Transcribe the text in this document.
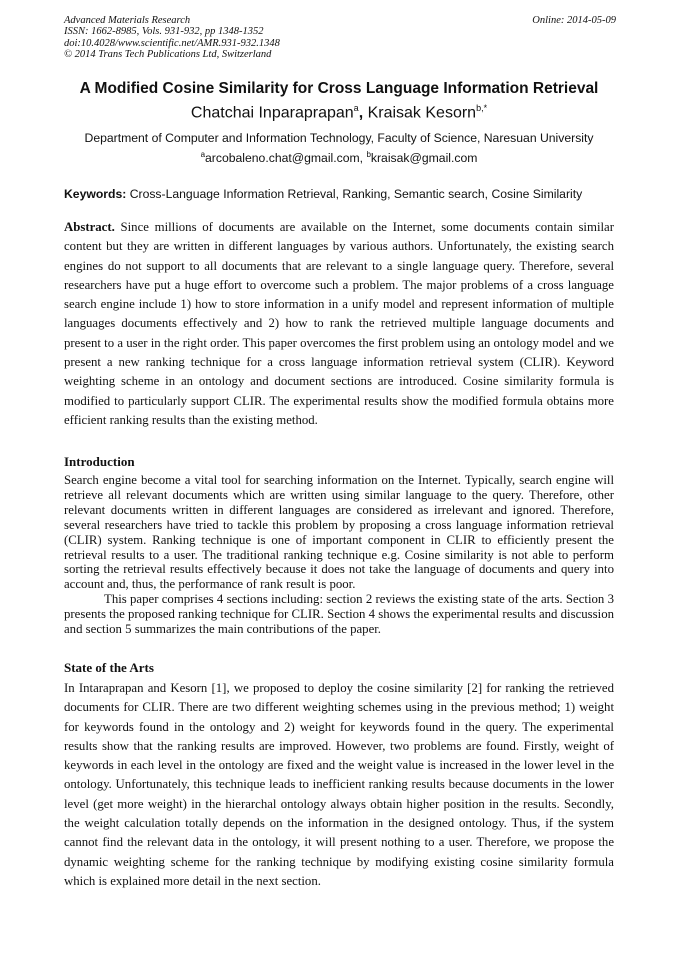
Advanced Materials Research
ISSN: 1662-8985, Vols. 931-932, pp 1348-1352
doi:10.4028/www.scientific.net/AMR.931-932.1348
© 2014 Trans Tech Publications Ltd, Switzerland
Online: 2014-05-09
A Modified Cosine Similarity for Cross Language Information Retrieval
Chatchai Inparaprapan$^a$, Kraisak Kesorn$^{b,*}$
Department of Computer and Information Technology, Faculty of Science, Naresuan University
$^a$arcobaleno.chat@gmail.com, $^b$kraisak@gmail.com
Keywords: Cross-Language Information Retrieval, Ranking, Semantic search, Cosine Similarity
Abstract. Since millions of documents are available on the Internet, some documents contain similar content but they are written in different languages by various authors. Unfortunately, the existing search engines do not support to all documents that are relevant to a single language query. Therefore, several researchers have put a huge effort to overcome such a problem. The major problems of a cross language search engine include 1) how to store information in a unify model and represent information of multiple languages documents effectively and 2) how to rank the retrieved multiple language documents and present to a user in the right order. This paper overcomes the first problem using an ontology model and we present a new ranking technique for a cross language information retrieval system (CLIR). Keyword weighting scheme in an ontology and document sections are introduced. Cosine similarity formula is modified to particularly support CLIR. The experimental results show the modified formula obtains more efficient ranking results than the existing method.
Introduction

Search engine become a vital tool for searching information on the Internet. Typically, search engine will retrieve all relevant documents which are written using similar language to the query. Therefore, other relevant documents written in different languages are considered as irrelevant and ignored. Therefore, several researchers have tried to tackle this problem by proposing a cross language information retrieval (CLIR) system. Ranking technique is one of important component in CLIR to efficiently present the retrieval results to a user. The traditional ranking technique e.g. Cosine similarity is not able to perform sorting the retrieval results effectively because it does not take the language of documents and query into account and, thus, the performance of rank result is poor.

This paper comprises 4 sections including: section 2 reviews the existing state of the arts. Section 3 presents the proposed ranking technique for CLIR. Section 4 shows the experimental results and discussion and section 5 summarizes the main contributions of the paper.

State of the Arts
In Intaraprapan and Kesorn [1], we proposed to deploy the cosine similarity [2] for ranking the retrieved documents for CLIR. There are two different weighting schemes using in the previous method; 1) weight for keywords found in the ontology and 2) weight for keywords found in the query. The experimental results show that the ranking results are improved. However, two problems are found. Firstly, weight of keywords in each level in the ontology are fixed and the weight value is increased in the lower level in the ontology. Unfortunately, this technique leads to inefficient ranking results because documents in the lower level (get more weight) in the hierarchal ontology always obtain higher position in the results. Secondly, the weight calculation totally depends on the information in the designed ontology. Thus, if the system cannot find the relevant data in the ontology, it will present nothing to a user. Therefore, we propose the dynamic weighting scheme for the ranking technique by modifying existing cosine similarity formula which is explained more detail in the next section.
